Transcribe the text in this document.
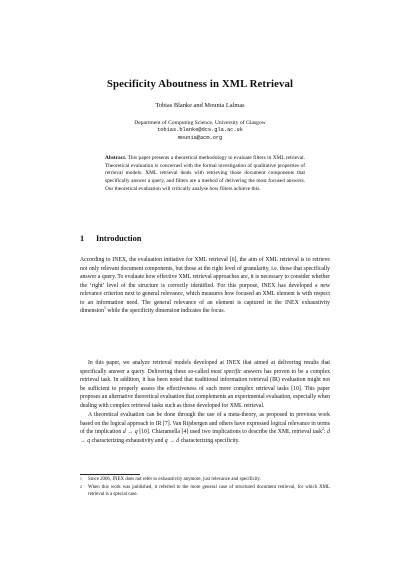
Specificity Aboutness in XML Retrieval
Tobias Blanke and Mounia Lalmas
Department of Computing Science, University of Glasgow
tobias.blanke@dcs.gla.ac.uk
mounia@acm.org
Abstract. This paper presents a theoretical methodology to evaluate filters in XML retrieval. Theoretical evaluation is concerned with the formal investigation of qualitative properties of retrieval models. XML retrieval deals with retrieving those document components that specifically answer a query, and filters are a method of delivering the most focused answers. Our theoretical evaluation will critically analyse how filters achieve this.
1 Introduction
According to INEX, the evaluation initiative for XML retrieval [6], the aim of XML retrieval is to retrieve not only relevant document components, but those at the right level of granularity, i.e. those that specifically answer a query. To evaluate how effective XML retrieval approaches are, it is necessary to consider whether the ‘right’ level of the structure is correctly identified. For this purpose, INEX has developed a new relevance criterion next to general relevance, which measures how focused an XML element is with respect to an information need. The general relevance of an element is captured in the INEX exhaustivity dimension$^1$ while the specificity dimension indicates the focus.
In this paper, we analyze retrieval models developed at INEX that aimed at delivering results that specifically answer a query. Delivering these so-called most specific answers has proven to be a complex retrieval task. In addition, it has been noted that traditional information retrieval (IR) evaluation might not be sufficient to properly assess the effectiveness of such more complex retrieval tasks [10]. This paper proposes an alternative theoretical evaluation that complements an experimental evaluation, especially when dealing with complex retrieval tasks such as those developed for XML retrieval.
A theoretical evaluation can be done through the use of a meta-theory, as proposed in previous work based on the logical approach to IR [7]. Van Rijsbergen and others have expressed logical relevance in terms of the implication d → q [10]. Chiaramella [4] used two implications to describe the XML retrieval task$^2$: d → q characterizing exhaustivity and q → d characterizing specificity.
1	Since 2006, INEX does not refer to exhaustivity anymore, just relevance and specificity.
2	When this work was published, it referred to the more general case of structured document retrieval, for which XML retrieval is a special case.
